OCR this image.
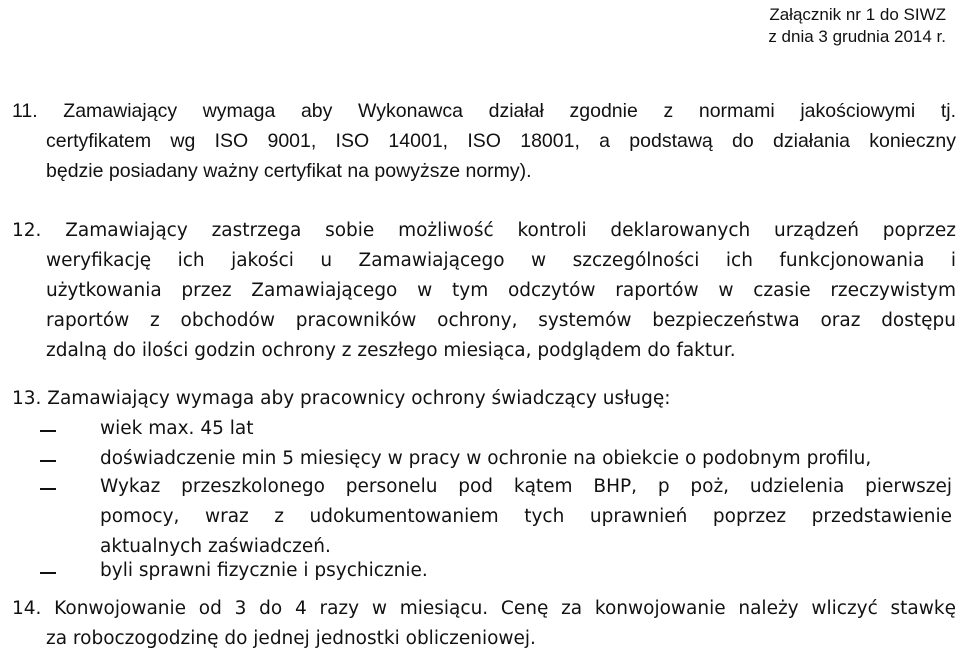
Załącznik nr 1 do SIWZ
z dnia 3 grudnia 2014 r.
11. Zamawiający wymaga aby Wykonawca działał zgodnie z normami jakościowymi tj.
certyfikatem wg ISO 9001, ISO 14001, ISO 18001, a podstawą do działania konieczny
będzie posiadany ważny certyfikat na powyższe normy).
12. Zamawiający zastrzega sobie możliwość kontroli deklarowanych urządzeń poprzez
weryfikację ich jakości u Zamawiającego w szczególności ich funkcjonowania i
użytkowania przez Zamawiającego w tym odczytów raportów w czasie rzeczywistym
raportów z obchodów pracowników ochrony, systemów bezpieczeństwa oraz dostępu
zdalną do ilości godzin ochrony z zeszłego miesiąca, podglądem do faktur.
13. Zamawiający wymaga aby pracownicy ochrony świadczący usługę:
wiek max. 45 lat
doświadczenie min 5 miesięcy w pracy w ochronie na obiekcie o podobnym profilu,
Wykaz przeszkolonego personelu pod kątem BHP, p poż, udzielenia pierwszej
pomocy, wraz z udokumentowaniem tych uprawnień poprzez przedstawienie
aktualnych zaświadczeń.
byli sprawni fizycznie i psychicznie.
14. Konwojowanie od 3 do 4 razy w miesiącu. Cenę za konwojowanie należy wliczyć stawkę
za roboczogodzinę do jednej jednostki obliczeniowej.
